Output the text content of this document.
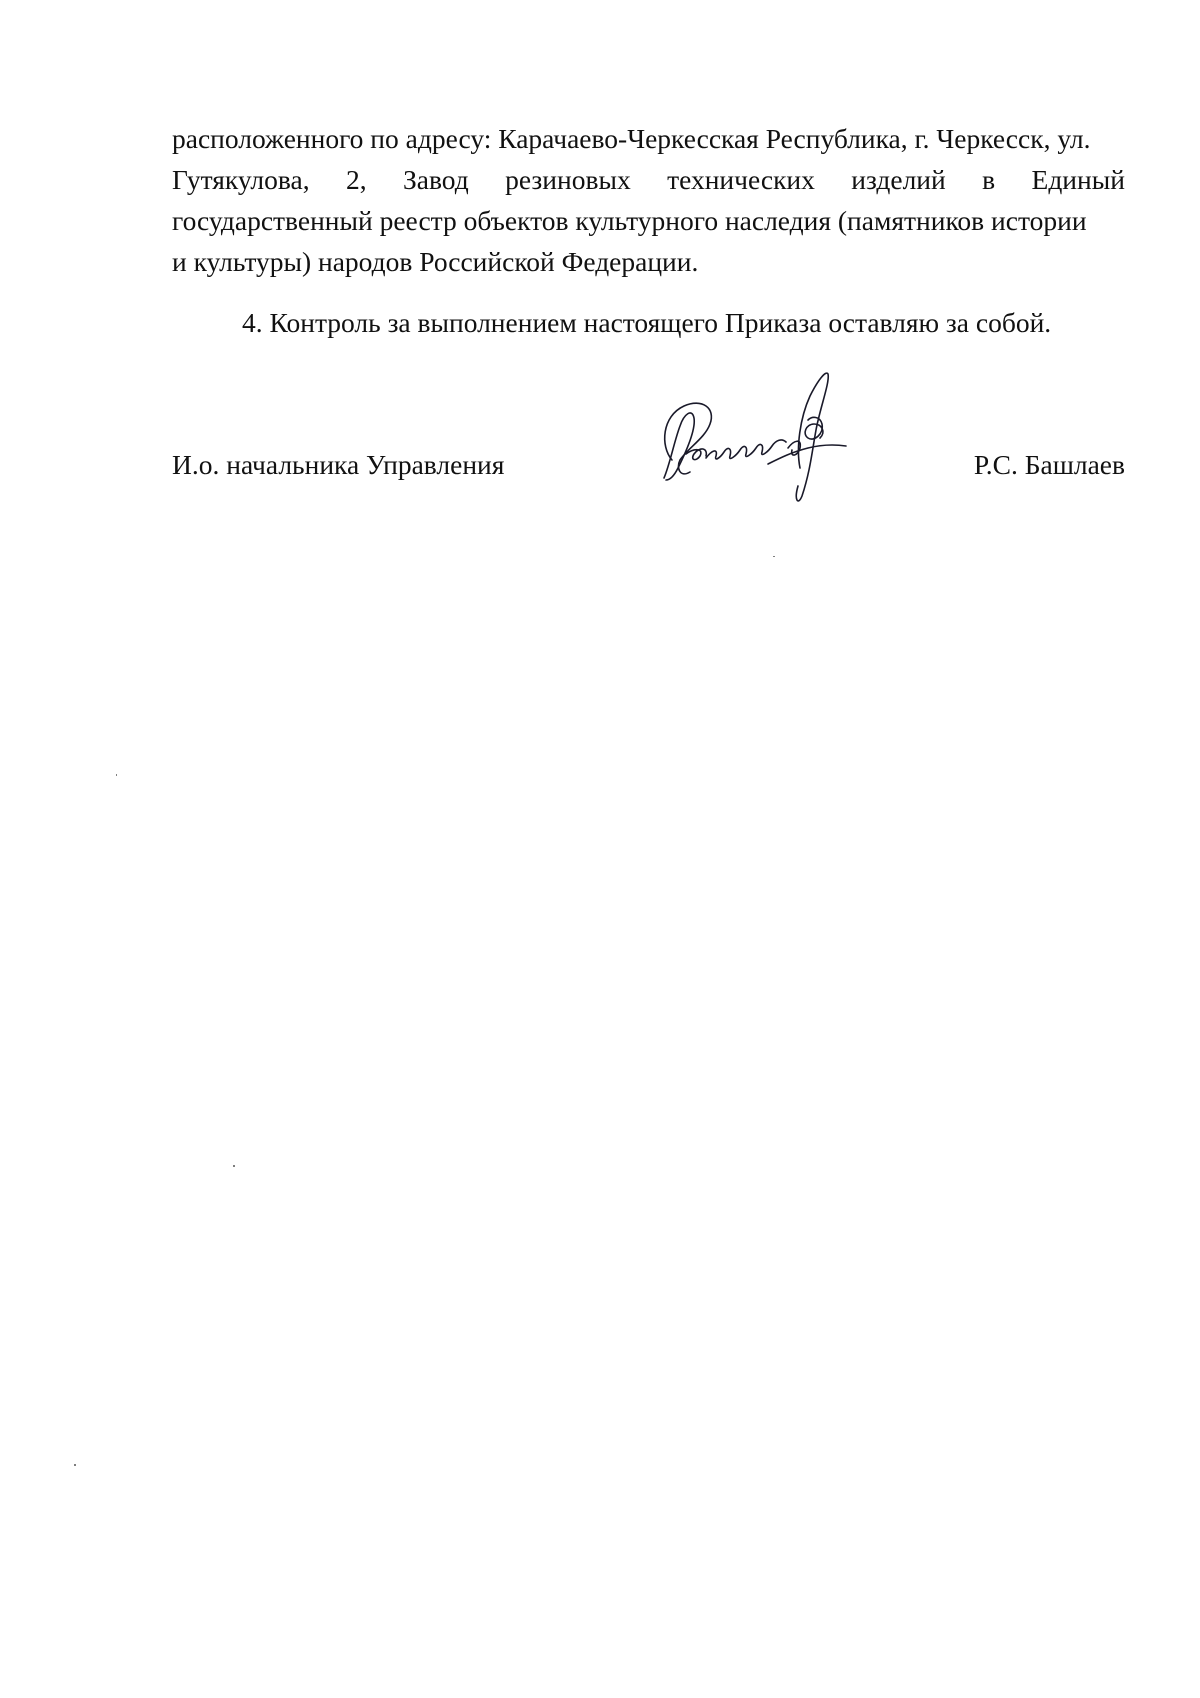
расположенного по адресу: Карачаево-Черкесская Республика, г. Черкесск, ул.
Гутякулова, 2, Завод резиновых технических изделий в Единый
государственный реестр объектов культурного наследия (памятников истории
и культуры) народов Российской Федерации.
4. Контроль за выполнением настоящего Приказа оставляю за собой.
И.о. начальника Управления	Р.С. Башлаев
